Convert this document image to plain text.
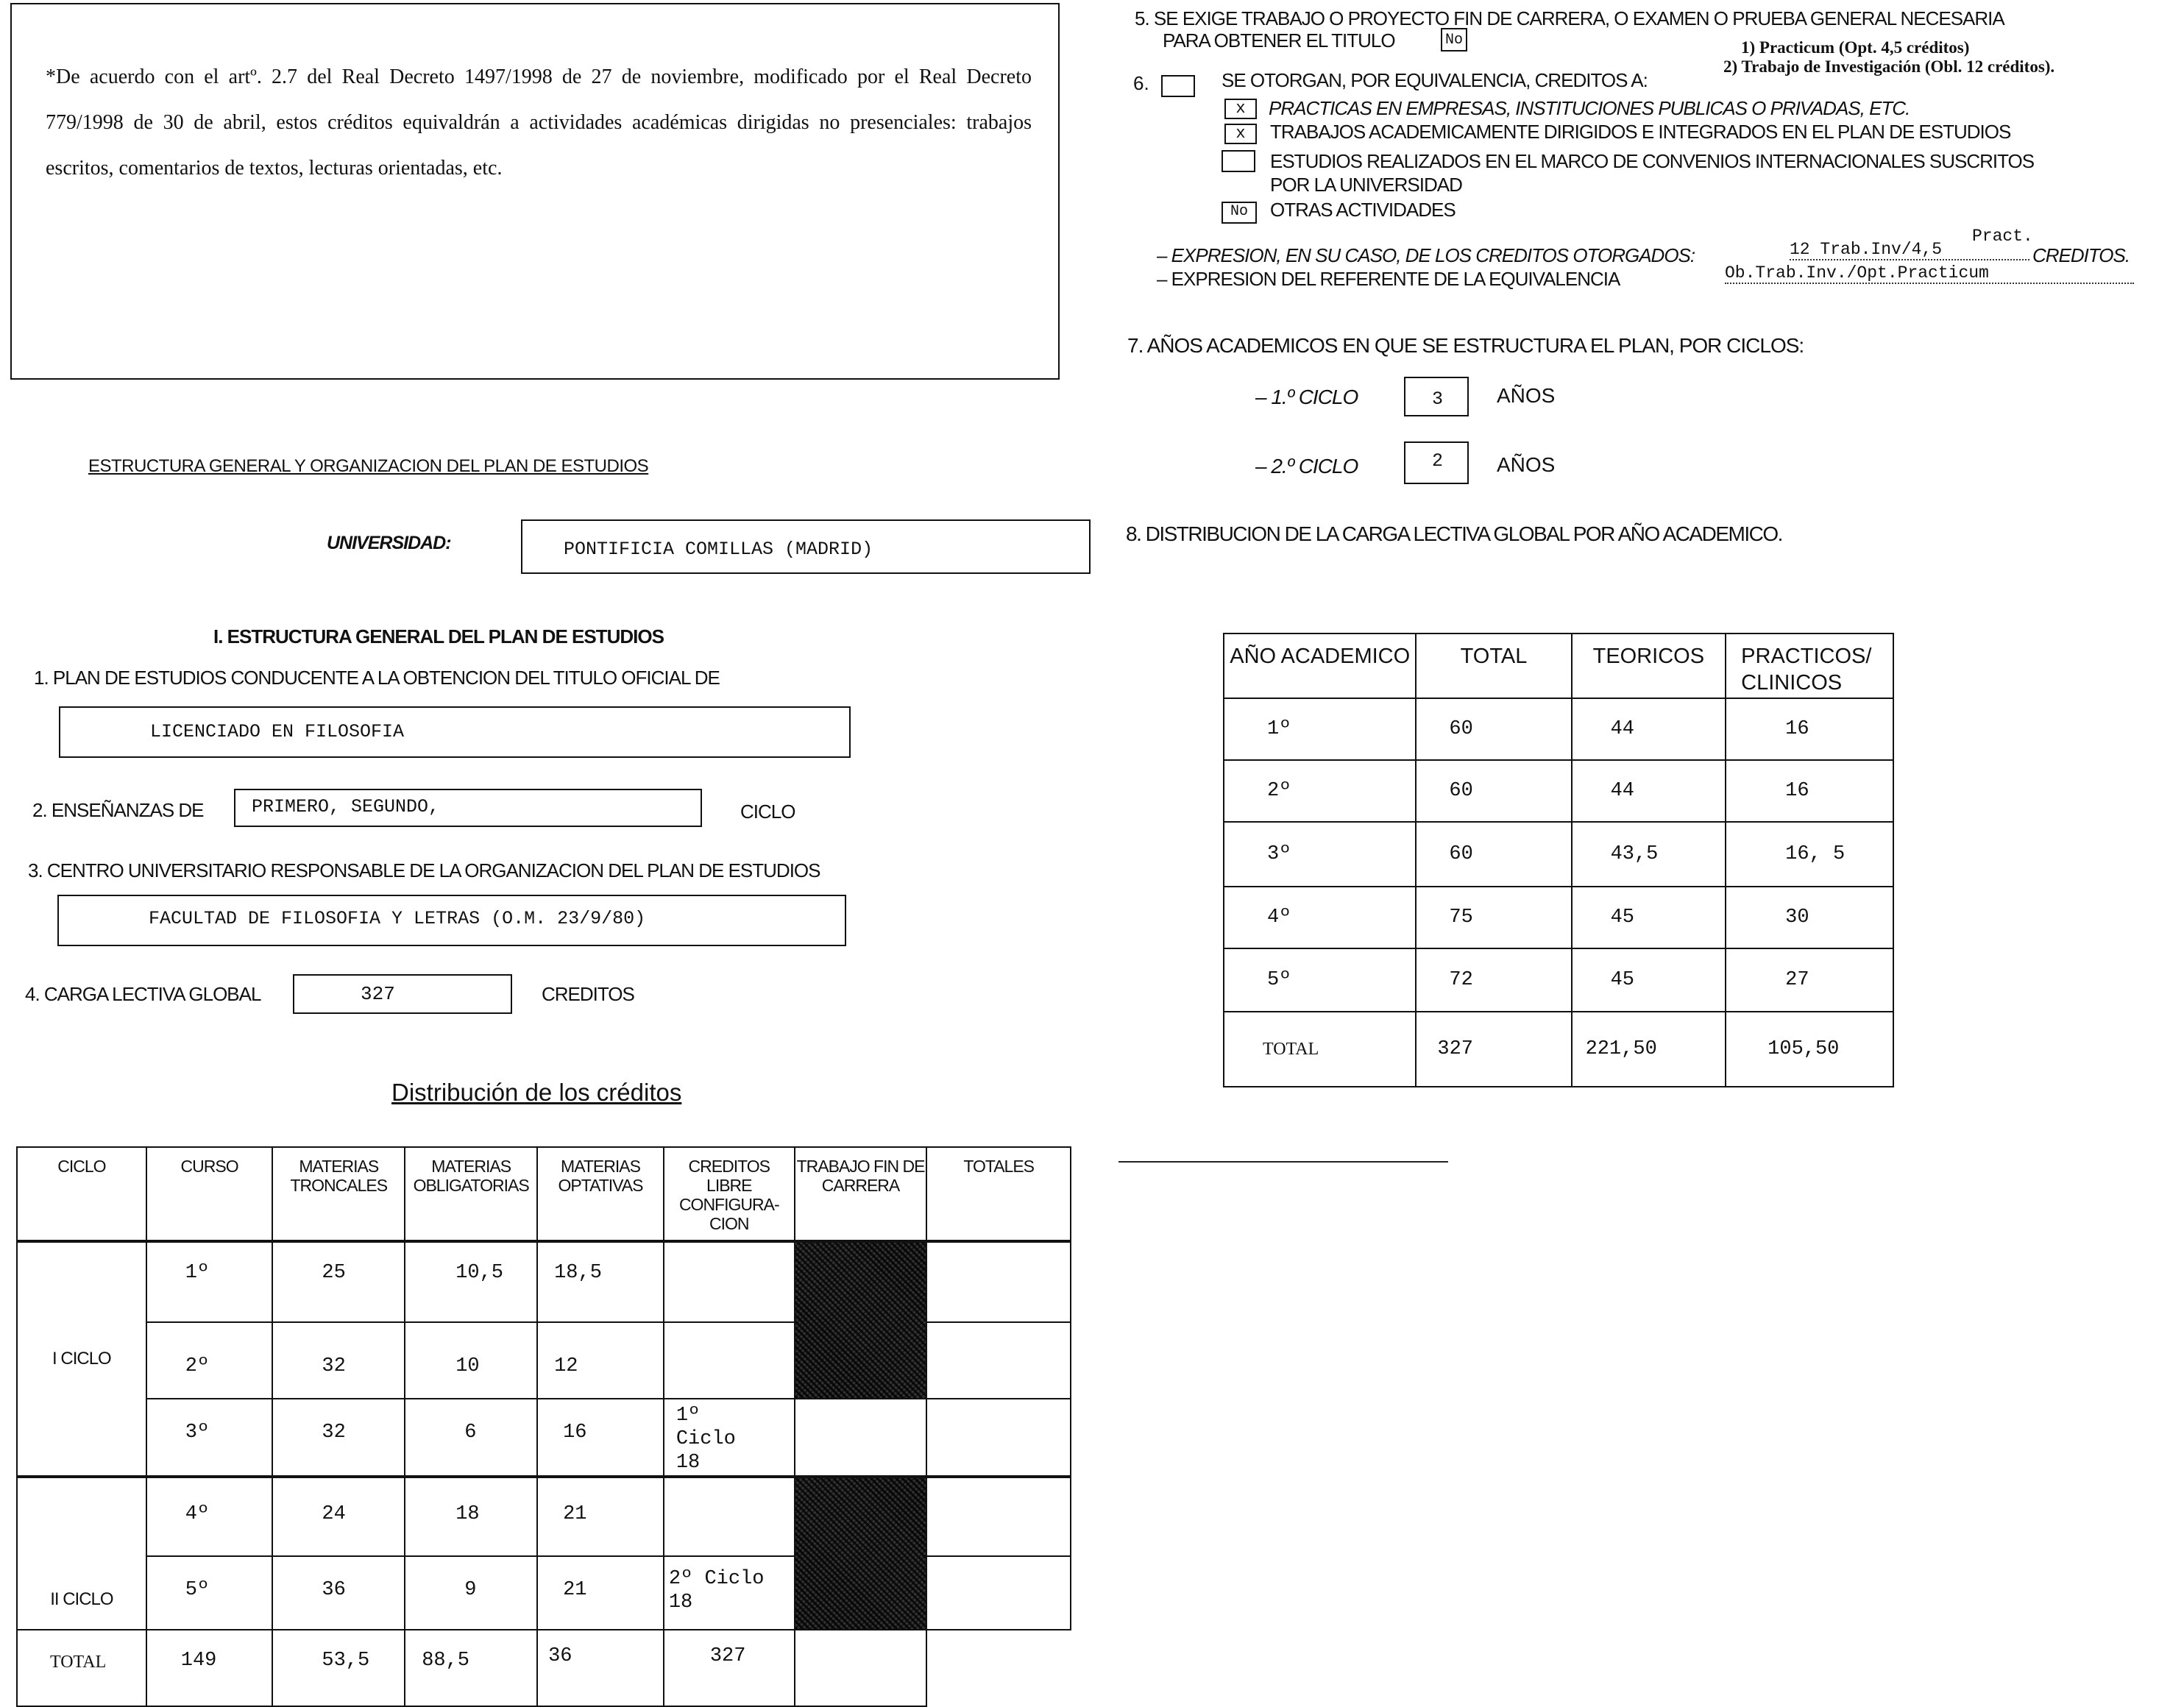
*De acuerdo con el artº. 2.7 del Real Decreto 1497/1998 de 27 de noviembre, modificado por el Real Decreto 779/1998 de 30 de abril, estos créditos equivaldrán a actividades académicas dirigidas no presenciales: trabajos escritos, comentarios de textos, lecturas orientadas, etc.
ESTRUCTURA GENERAL Y ORGANIZACION DEL PLAN DE ESTUDIOS
UNIVERSIDAD:	PONTIFICIA COMILLAS (MADRID)
I. ESTRUCTURA GENERAL DEL PLAN DE ESTUDIOS
1. PLAN DE ESTUDIOS CONDUCENTE A LA OBTENCION DEL TITULO OFICIAL DE
LICENCIADO EN FILOSOFIA
2. ENSEÑANZAS DE	PRIMERO, SEGUNDO,	CICLO
3. CENTRO UNIVERSITARIO RESPONSABLE DE LA ORGANIZACION DEL PLAN DE ESTUDIOS
FACULTAD DE FILOSOFIA Y LETRAS (O.M. 23/9/80)
4. CARGA LECTIVA GLOBAL	327	CREDITOS
Distribución de los créditos
CICLO	CURSO	MATERIAS TRONCALES	MATERIAS OBLIGATORIAS	MATERIAS OPTATIVAS	CREDITOS LIBRE CONFIGURA- CION	TRABAJO FIN DE CARRERA	TOTALES
I CICLO	1º	25	10,5	18,5			
	2º	32	10	12			
	3º	32	6	16	1º Ciclo 18		
II CICLO	4º	24	18	21			
	5º	36	9	21	2º Ciclo 18		
TOTAL	149	53,5	88,5	36	327		
5. SE EXIGE TRABAJO O PROYECTO FIN DE CARRERA, O EXAMEN O PRUEBA GENERAL NECESARIA
PARA OBTENER EL TITULO	No	1) Practicum (Opt. 4,5 créditos)
2) Trabajo de Investigación (Obl. 12 créditos).
6.	SE OTORGAN, POR EQUIVALENCIA, CREDITOS A:
x	PRACTICAS EN EMPRESAS, INSTITUCIONES PUBLICAS O PRIVADAS, ETC.
x	TRABAJOS ACADEMICAMENTE DIRIGIDOS E INTEGRADOS EN EL PLAN DE ESTUDIOS
ESTUDIOS REALIZADOS EN EL MARCO DE CONVENIOS INTERNACIONALES SUSCRITOS
POR LA UNIVERSIDAD
No	OTRAS ACTIVIDADES
– EXPRESION, EN SU CASO, DE LOS CREDITOS OTORGADOS:	12 Trab.Inv/4,5
Pract.
CREDITOS.
– EXPRESION DEL REFERENTE DE LA EQUIVALENCIA	Ob.Trab.Inv./Opt.Practicum
7. AÑOS ACADEMICOS EN QUE SE ESTRUCTURA EL PLAN, POR CICLOS:
– 1.º CICLO	3	AÑOS
– 2.º CICLO	2	AÑOS
8. DISTRIBUCION DE LA CARGA LECTIVA GLOBAL POR AÑO ACADEMICO.
AÑO ACADEMICO	TOTAL	TEORICOS	PRACTICOS/ CLINICOS
1º	60	44	16
2º	60	44	16
3º	60	43,5	16, 5
4º	75	45	30
5º	72	45	27
TOTAL	327	221,50	105,50
